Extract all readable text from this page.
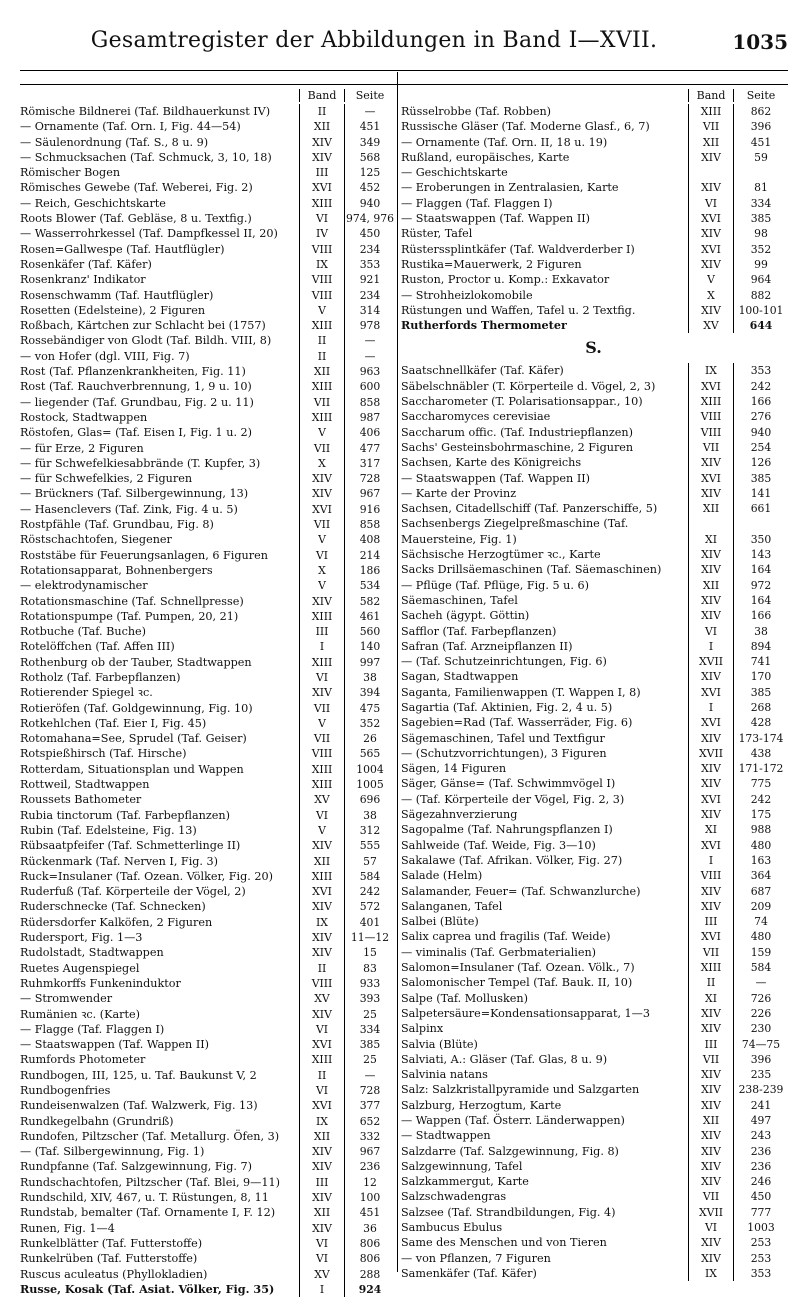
Gesamtregister der Abbildungen in Band I—XVII.	1035
Band	Seite
Römische Bildnerei (Taf. Bildhauerkunst IV)	II	—
— Ornamente (Taf. Orn. I, Fig. 44—54)	XII	451
— Säulenordnung (Taf. S., 8 u. 9)	XIV	349
— Schmucksachen (Taf. Schmuck, 3, 10, 18)	XIV	568
Römischer Bogen	III	125
Römisches Gewebe (Taf. Weberei, Fig. 2)	XVI	452
— Reich, Geschichtskarte	XIII	940
Roots Blower (Taf. Gebläse, 8 u. Textfig.)	VI	974, 976
— Wasserrohrkessel (Taf. Dampfkessel II, 20)	IV	450
Rosen=Gallwespe (Taf. Hautflügler)	VIII	234
Rosenkäfer (Taf. Käfer)	IX	353
Rosenkranz' Indikator	VIII	921
Rosenschwamm (Taf. Hautflügler)	VIII	234
Rosetten (Edelsteine), 2 Figuren	V	314
Roßbach, Kärtchen zur Schlacht bei (1757)	XIII	978
Rossebändiger von Glodt (Taf. Bildh. VIII, 8)	II	—
— von Hofer (dgl. VIII, Fig. 7)	II	—
Rost (Taf. Pflanzenkrankheiten, Fig. 11)	XII	963
Rost (Taf. Rauchverbrennung, 1, 9 u. 10)	XIII	600
— liegender (Taf. Grundbau, Fig. 2 u. 11)	VII	858
Rostock, Stadtwappen	XIII	987
Röstofen, Glas= (Taf. Eisen I, Fig. 1 u. 2)	V	406
— für Erze, 2 Figuren	VII	477
— für Schwefelkiesabbrände (T. Kupfer, 3)	X	317
— für Schwefelkies, 2 Figuren	XIV	728
— Brückners (Taf. Silbergewinnung, 13)	XIV	967
— Hasenclevers (Taf. Zink, Fig. 4 u. 5)	XVI	916
Rostpfähle (Taf. Grundbau, Fig. 8)	VII	858
Röstschachtofen, Siegener	V	408
Roststäbe für Feuerungsanlagen, 6 Figuren	VI	214
Rotationsapparat, Bohnenbergers	X	186
— elektrodynamischer	V	534
Rotationsmaschine (Taf. Schnellpresse)	XIV	582
Rotationspumpe (Taf. Pumpen, 20, 21)	XIII	461
Rotbuche (Taf. Buche)	III	560
Rotelöffchen (Taf. Affen III)	I	140
Rothenburg ob der Tauber, Stadtwappen	XIII	997
Rotholz (Taf. Farbepflanzen)	VI	38
Rotierender Spiegel ꝛc.	XIV	394
Rotieröfen (Taf. Goldgewinnung, Fig. 10)	VII	475
Rotkehlchen (Taf. Eier I, Fig. 45)	V	352
Rotomahana=See, Sprudel (Taf. Geiser)	VII	26
Rotspießhirsch (Taf. Hirsche)	VIII	565
Rotterdam, Situationsplan und Wappen	XIII	1004
Rottweil, Stadtwappen	XIII	1005
Roussets Bathometer	XV	696
Rubia tinctorum (Taf. Farbepflanzen)	VI	38
Rubin (Taf. Edelsteine, Fig. 13)	V	312
Rübsaatpfeifer (Taf. Schmetterlinge II)	XIV	555
Rückenmark (Taf. Nerven I, Fig. 3)	XII	57
Ruck=Insulaner (Taf. Ozean. Völker, Fig. 20)	XIII	584
Ruderfuß (Taf. Körperteile der Vögel, 2)	XVI	242
Ruderschnecke (Taf. Schnecken)	XIV	572
Rüdersdorfer Kalköfen, 2 Figuren	IX	401
Rudersport, Fig. 1—3	XIV	11—12
Rudolstadt, Stadtwappen	XIV	15
Ruetes Augenspiegel	II	83
Ruhmkorffs Funkeninduktor	VIII	933
— Stromwender	XV	393
Rumänien ꝛc. (Karte)	XIV	25
— Flagge (Taf. Flaggen I)	VI	334
— Staatswappen (Taf. Wappen II)	XVI	385
Rumfords Photometer	XIII	25
Rundbogen, III, 125, u. Taf. Baukunst V, 2	II	—
Rundbogenfries	VI	728
Rundeisenwalzen (Taf. Walzwerk, Fig. 13)	XVI	377
Rundkegelbahn (Grundriß)	IX	652
Rundofen, Piltzscher (Taf. Metallurg. Öfen, 3)	XII	332
— (Taf. Silbergewinnung, Fig. 1)	XIV	967
Rundpfanne (Taf. Salzgewinnung, Fig. 7)	XIV	236
Rundschachtofen, Piltzscher (Taf. Blei, 9—11)	III	12
Rundschild, XIV, 467, u. T. Rüstungen, 8, 11	XIV	100
Rundstab, bemalter (Taf. Ornamente I, F. 12)	XII	451
Runen, Fig. 1—4	XIV	36
Runkelblätter (Taf. Futterstoffe)	VI	806
Runkelrüben (Taf. Futterstoffe)	VI	806
Ruscus aculeatus (Phyllokladien)	XV	288
Russe, Kosak (Taf. Asiat. Völker, Fig. 35)	I	924
Band	Seite
Rüsselrobbe (Taf. Robben)	XIII	862
Russische Gläser (Taf. Moderne Glasf., 6, 7)	VII	396
— Ornamente (Taf. Orn. II, 18 u. 19)	XII	451
Rußland, europäisches, Karte	XIV	59
— Geschichtskarte
— Eroberungen in Zentralasien, Karte	XIV	81
— Flaggen (Taf. Flaggen I)	VI	334
— Staatswappen (Taf. Wappen II)	XVI	385
Rüster, Tafel	XIV	98
Rüsterssplintkäfer (Taf. Waldverderber I)	XVI	352
Rustika=Mauerwerk, 2 Figuren	XIV	99
Ruston, Proctor u. Komp.: Exkavator	V	964
— Strohheizlokomobile	X	882
Rüstungen und Waffen, Tafel u. 2 Textfig.	XIV	100-101
Rutherfords Thermometer	XV	644
S.
Saatschnellkäfer (Taf. Käfer)	IX	353
Säbelschnäbler (T. Körperteile d. Vögel, 2, 3)	XVI	242
Saccharometer (T. Polarisationsappar., 10)	XIII	166
Saccharomyces cerevisiae	VIII	276
Saccharum offic. (Taf. Industriepflanzen)	VIII	940
Sachs' Gesteinsbohrmaschine, 2 Figuren	VII	254
Sachsen, Karte des Königreichs	XIV	126
— Staatswappen (Taf. Wappen II)	XVI	385
— Karte der Provinz	XIV	141
Sachsen, Citadellschiff (Taf. Panzerschiffe, 5)	XII	661
Sachsenbergs Ziegelpreßmaschine (Taf.
Mauersteine, Fig. 1)	XI	350
Sächsische Herzogtümer ꝛc., Karte	XIV	143
Sacks Drillsäemaschinen (Taf. Säemaschinen)	XIV	164
— Pflüge (Taf. Pflüge, Fig. 5 u. 6)	XII	972
Säemaschinen, Tafel	XIV	164
Sacheh (ägypt. Göttin)	XIV	166
Safflor (Taf. Farbepflanzen)	VI	38
Safran (Taf. Arzneipflanzen II)	I	894
— (Taf. Schutzeinrichtungen, Fig. 6)	XVII	741
Sagan, Stadtwappen	XIV	170
Saganta, Familienwappen (T. Wappen I, 8)	XVI	385
Sagartia (Taf. Aktinien, Fig. 2, 4 u. 5)	I	268
Sagebien=Rad (Taf. Wasserräder, Fig. 6)	XVI	428
Sägemaschinen, Tafel und Textfigur	XIV	173-174
— (Schutzvorrichtungen), 3 Figuren	XVII	438
Sägen, 14 Figuren	XIV	171-172
Säger, Gänse= (Taf. Schwimmvögel I)	XIV	775
— (Taf. Körperteile der Vögel, Fig. 2, 3)	XVI	242
Sägezahnverzierung	XIV	175
Sagopalme (Taf. Nahrungspflanzen I)	XI	988
Sahlweide (Taf. Weide, Fig. 3—10)	XVI	480
Sakalawe (Taf. Afrikan. Völker, Fig. 27)	I	163
Salade (Helm)	VIII	364
Salamander, Feuer= (Taf. Schwanzlurche)	XIV	687
Salanganen, Tafel	XIV	209
Salbei (Blüte)	III	74
Salix caprea und fragilis (Taf. Weide)	XVI	480
— viminalis (Taf. Gerbmaterialien)	VII	159
Salomon=Insulaner (Taf. Ozean. Völk., 7)	XIII	584
Salomonischer Tempel (Taf. Bauk. II, 10)	II	—
Salpe (Taf. Mollusken)	XI	726
Salpetersäure=Kondensationsapparat, 1—3	XIV	226
Salpinx	XIV	230
Salvia (Blüte)	III	74—75
Salviati, A.: Gläser (Taf. Glas, 8 u. 9)	VII	396
Salvinia natans	XIV	235
Salz: Salzkristallpyramide und Salzgarten	XIV	238-239
Salzburg, Herzogtum, Karte	XIV	241
— Wappen (Taf. Österr. Länderwappen)	XII	497
— Stadtwappen	XIV	243
Salzdarre (Taf. Salzgewinnung, Fig. 8)	XIV	236
Salzgewinnung, Tafel	XIV	236
Salzkammergut, Karte	XIV	246
Salzschwadengras	VII	450
Salzsee (Taf. Strandbildungen, Fig. 4)	XVII	777
Sambucus Ebulus	VI	1003
Same des Menschen und von Tieren	XIV	253
— von Pflanzen, 7 Figuren	XIV	253
Samenkäfer (Taf. Käfer)	IX	353
